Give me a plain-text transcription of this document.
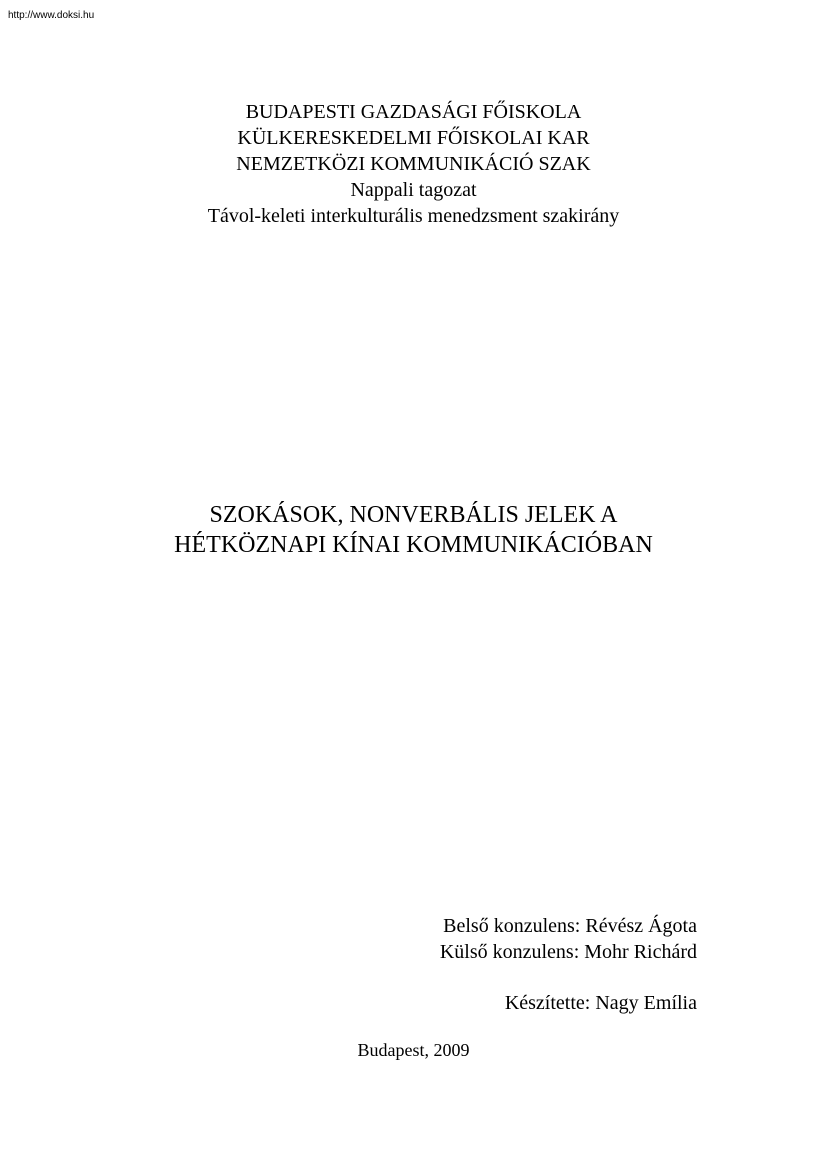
http://www.doksi.hu
BUDAPESTI GAZDASÁGI FŐISKOLA
KÜLKERESKEDELMI FŐISKOLAI KAR
NEMZETKÖZI KOMMUNIKÁCIÓ SZAK
Nappali tagozat
Távol-keleti interkulturális menedzsment szakirány
SZOKÁSOK, NONVERBÁLIS JELEK A
HÉTKÖZNAPI KÍNAI KOMMUNIKÁCIÓBAN
Belső konzulens: Révész Ágota
Külső konzulens: Mohr Richárd
Készítette: Nagy Emília
Budapest, 2009
